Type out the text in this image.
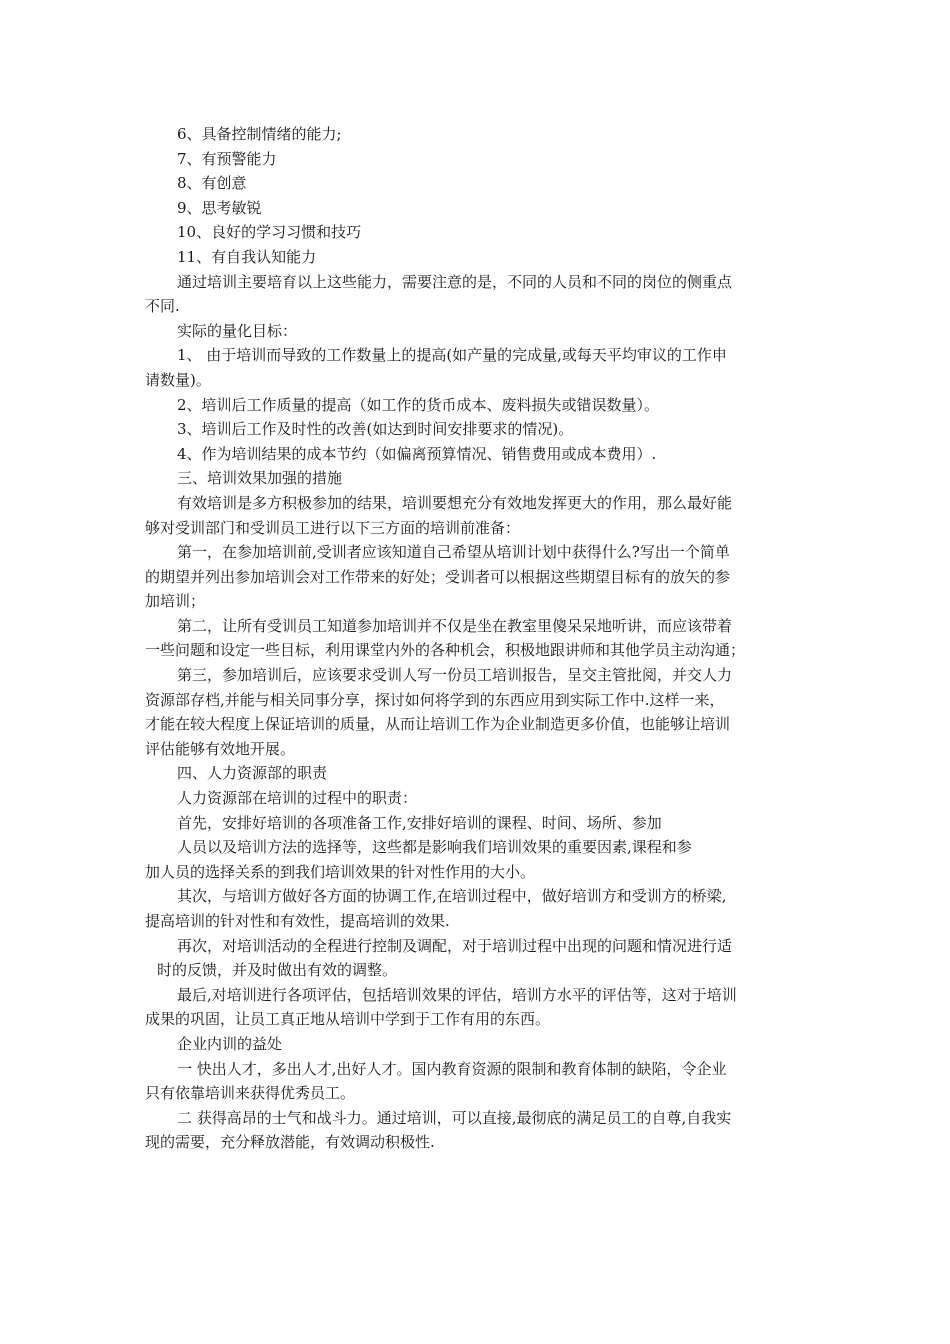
6、具备控制情绪的能力;
7、有预警能力
8、有创意
9、思考敏锐
10、良好的学习习惯和技巧
11、有自我认知能力
通过培训主要培育以上这些能力，需要注意的是，不同的人员和不同的岗位的侧重点
不同.
实际的量化目标：
1、 由于培训而导致的工作数量上的提高(如产量的完成量,或每天平均审议的工作申
请数量)。
2、培训后工作质量的提高（如工作的货币成本、废料损失或错误数量）。
3、培训后工作及时性的改善(如达到时间安排要求的情况)。
4、作为培训结果的成本节约（如偏离预算情况、销售费用或成本费用）.
三、培训效果加强的措施
有效培训是多方积极参加的结果，培训要想充分有效地发挥更大的作用，那么最好能
够对受训部门和受训员工进行以下三方面的培训前准备：
第一，在参加培训前,受训者应该知道自己希望从培训计划中获得什么?写出一个简单
的期望并列出参加培训会对工作带来的好处；受训者可以根据这些期望目标有的放矢的参
加培训；
第二，让所有受训员工知道参加培训并不仅是坐在教室里傻呆呆地听讲，而应该带着
一些问题和设定一些目标，利用课堂内外的各种机会，积极地跟讲师和其他学员主动沟通；
第三，参加培训后，应该要求受训人写一份员工培训报告，呈交主管批阅，并交人力
资源部存档,并能与相关同事分享，探讨如何将学到的东西应用到实际工作中.这样一来，
才能在较大程度上保证培训的质量，从而让培训工作为企业制造更多价值，也能够让培训
评估能够有效地开展。
四、人力资源部的职责
人力资源部在培训的过程中的职责：
首先，安排好培训的各项准备工作,安排好培训的课程、时间、场所、参加
人员以及培训方法的选择等，这些都是影响我们培训效果的重要因素,课程和参
加人员的选择关系的到我们培训效果的针对性作用的大小。
其次，与培训方做好各方面的协调工作,在培训过程中，做好培训方和受训方的桥梁,
提高培训的针对性和有效性，提高培训的效果.
再次，对培训活动的全程进行控制及调配，对于培训过程中出现的问题和情况进行适
时的反馈，并及时做出有效的调整。
最后,对培训进行各项评估，包括培训效果的评估，培训方水平的评估等，这对于培训
成果的巩固，让员工真正地从培训中学到于工作有用的东西。
企业内训的益处
一 快出人才，多出人才,出好人才。国内教育资源的限制和教育体制的缺陷，令企业
只有依靠培训来获得优秀员工。
二 获得高昂的士气和战斗力。通过培训，可以直接,最彻底的满足员工的自尊,自我实
现的需要，充分释放潜能，有效调动积极性.
